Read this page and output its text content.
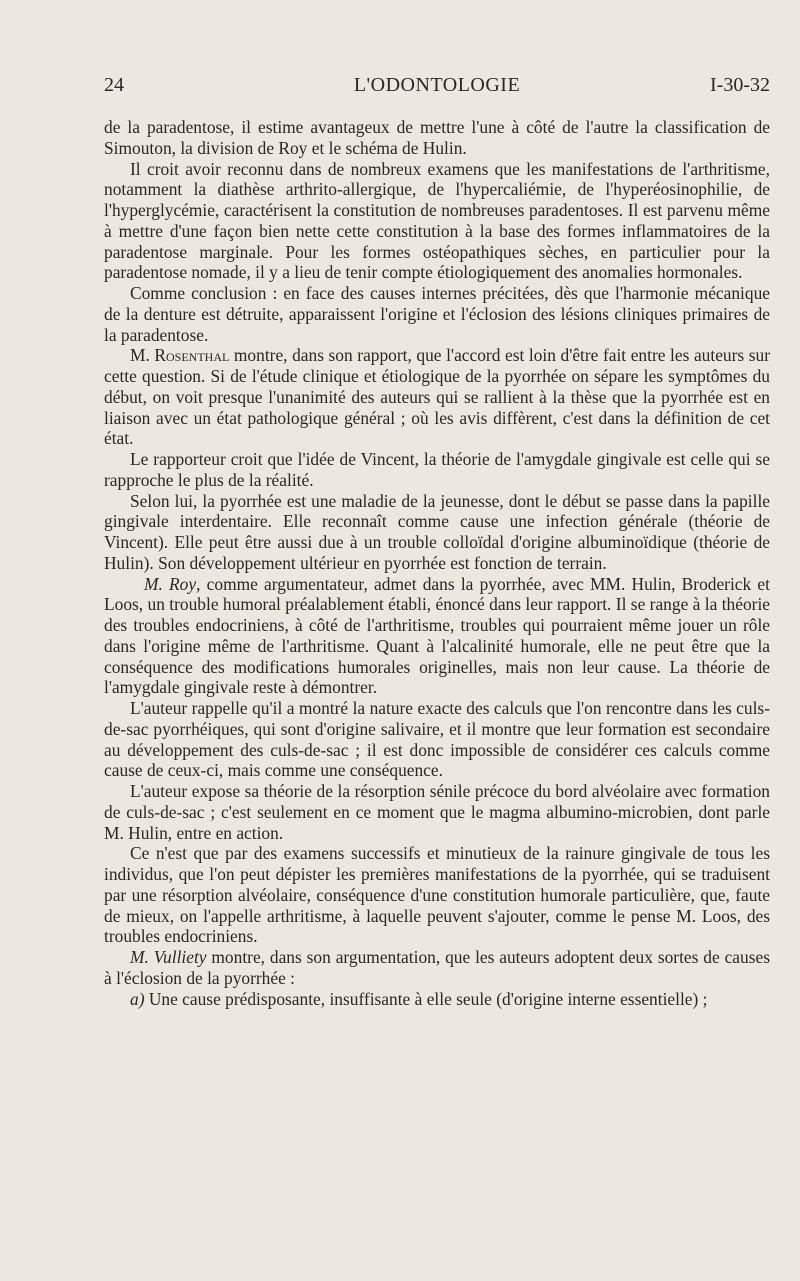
24	L'ODONTOLOGIE	I-30-32

de la paradentose, il estime avantageux de mettre l'une à côté de l'autre la classification de Simouton, la division de Roy et le schéma de Hulin.

Il croit avoir reconnu dans de nombreux examens que les manifestations de l'arthritisme, notamment la diathèse arthrito-allergique, de l'hypercaliémie, de l'hyperéosinophilie, de l'hyperglycémie, caractérisent la constitution de nombreuses paradentoses. Il est parvenu même à mettre d'une façon bien nette cette constitution à la base des formes inflammatoires de la paradentose marginale. Pour les formes ostéopathiques sèches, en particulier pour la paradentose nomade, il y a lieu de tenir compte étiologiquement des anomalies hormonales.

Comme conclusion : en face des causes internes précitées, dès que l'harmonie mécanique de la denture est détruite, apparaissent l'origine et l'éclosion des lésions cliniques primaires de la paradentose.

M. Rosenthal montre, dans son rapport, que l'accord est loin d'être fait entre les auteurs sur cette question. Si de l'étude clinique et étiologique de la pyorrhée on sépare les symptômes du début, on voit presque l'unanimité des auteurs qui se rallient à la thèse que la pyorrhée est en liaison avec un état pathologique général ; où les avis diffèrent, c'est dans la définition de cet état.

Le rapporteur croit que l'idée de Vincent, la théorie de l'amygdale gingivale est celle qui se rapproche le plus de la réalité.

Selon lui, la pyorrhée est une maladie de la jeunesse, dont le début se passe dans la papille gingivale interdentaire. Elle reconnaît comme cause une infection générale (théorie de Vincent). Elle peut être aussi due à un trouble colloïdal d'origine albuminoïdique (théorie de Hulin). Son développement ultérieur en pyorrhée est fonction de terrain.

M. Roy, comme argumentateur, admet dans la pyorrhée, avec MM. Hulin, Broderick et Loos, un trouble humoral préalablement établi, énoncé dans leur rapport. Il se range à la théorie des troubles endocriniens, à côté de l'arthritisme, troubles qui pourraient même jouer un rôle dans l'origine même de l'arthritisme. Quant à l'alcalinité humorale, elle ne peut être que la conséquence des modifications humorales originelles, mais non leur cause. La théorie de l'amygdale gingivale reste à démontrer.

L'auteur rappelle qu'il a montré la nature exacte des calculs que l'on rencontre dans les culs-de-sac pyorrhéiques, qui sont d'origine salivaire, et il montre que leur formation est secondaire au développement des culs-de-sac ; il est donc impossible de considérer ces calculs comme cause de ceux-ci, mais comme une conséquence.

L'auteur expose sa théorie de la résorption sénile précoce du bord alvéolaire avec formation de culs-de-sac ; c'est seulement en ce moment que le magma albumino-microbien, dont parle M. Hulin, entre en action.

Ce n'est que par des examens successifs et minutieux de la rainure gingivale de tous les individus, que l'on peut dépister les premières manifestations de la pyorrhée, qui se traduisent par une résorption alvéolaire, conséquence d'une constitution humorale particulière, que, faute de mieux, on l'appelle arthritisme, à laquelle peuvent s'ajouter, comme le pense M. Loos, des troubles endocriniens.

M. Vulliety montre, dans son argumentation, que les auteurs adoptent deux sortes de causes à l'éclosion de la pyorrhée :

a) Une cause prédisposante, insuffisante à elle seule (d'origine interne essentielle) ;
